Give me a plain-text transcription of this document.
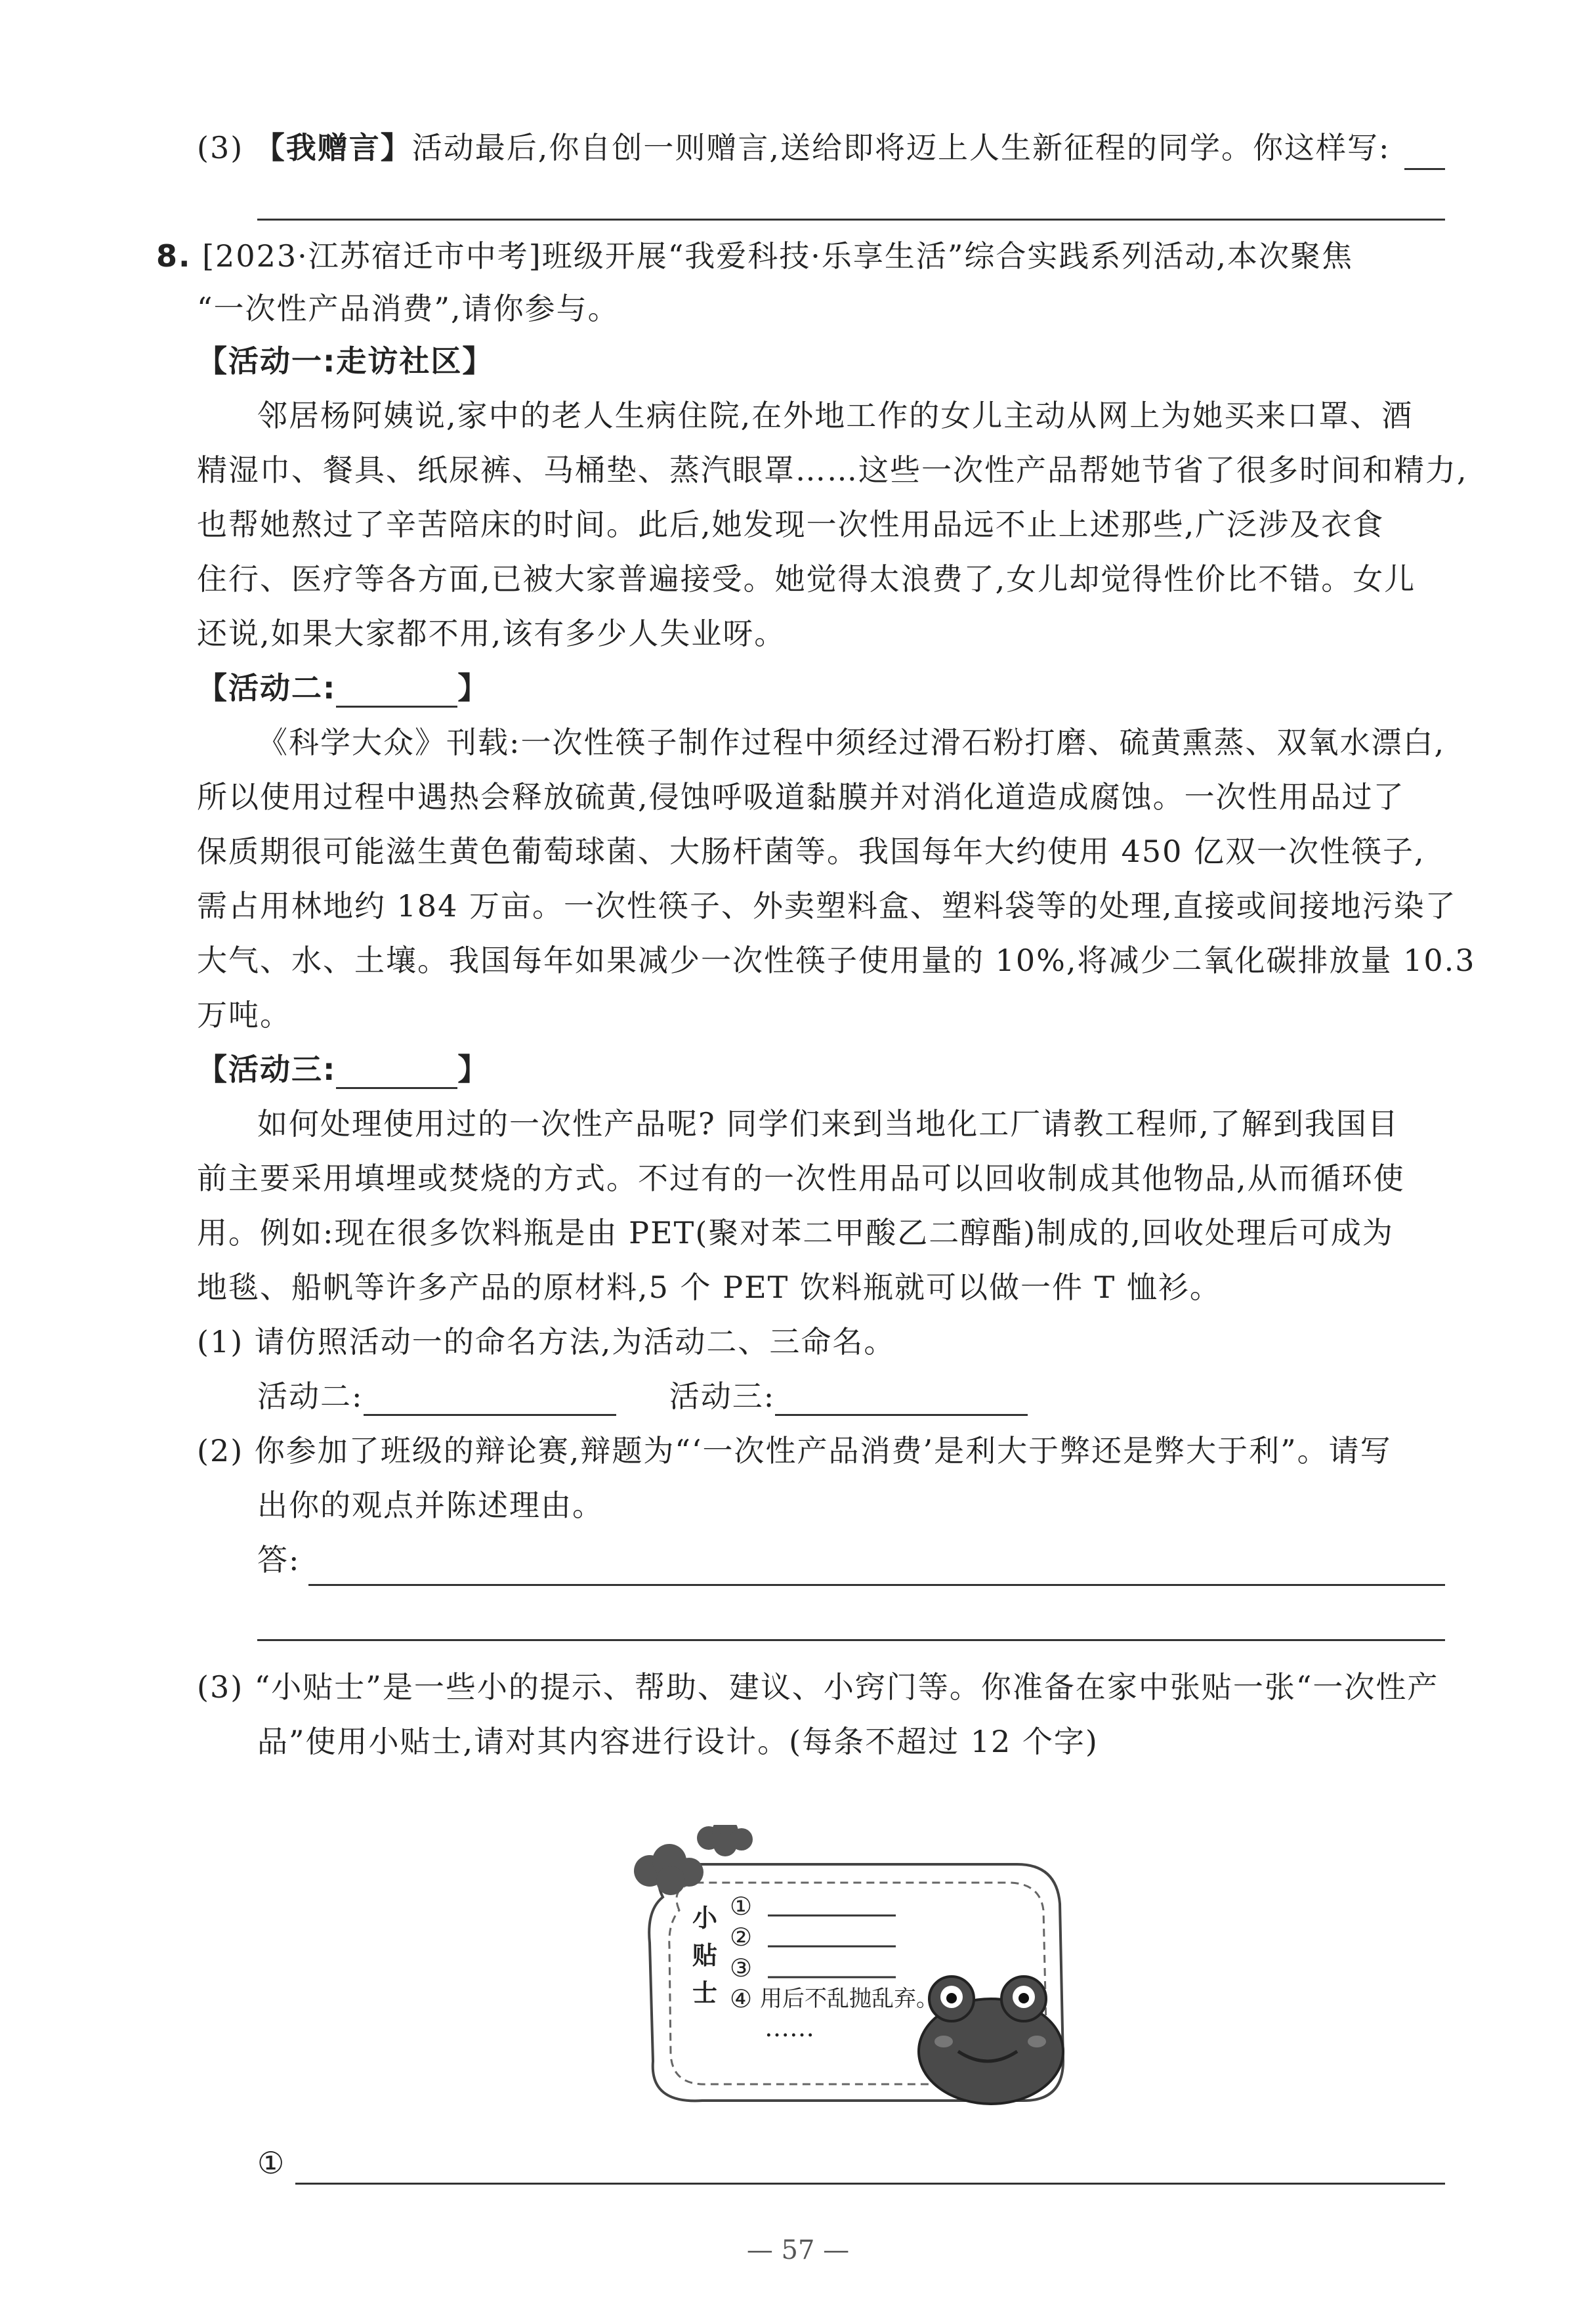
(3) 【我赠言】活动最后,你自创一则赠言,送给即将迈上人生新征程的同学。你这样写:
8. [2023·江苏宿迁市中考]班级开展“我爱科技·乐享生活”综合实践系列活动,本次聚焦
“一次性产品消费”,请你参与。
【活动一:走访社区】
邻居杨阿姨说,家中的老人生病住院,在外地工作的女儿主动从网上为她买来口罩、酒
精湿巾、餐具、纸尿裤、马桶垫、蒸汽眼罩……这些一次性产品帮她节省了很多时间和精力,
也帮她熬过了辛苦陪床的时间。此后,她发现一次性用品远不止上述那些,广泛涉及衣食
住行、医疗等各方面,已被大家普遍接受。她觉得太浪费了,女儿却觉得性价比不错。女儿
还说,如果大家都不用,该有多少人失业呀。
【活动二:	】
《科学大众》刊载:一次性筷子制作过程中须经过滑石粉打磨、硫黄熏蒸、双氧水漂白,
所以使用过程中遇热会释放硫黄,侵蚀呼吸道黏膜并对消化道造成腐蚀。一次性用品过了
保质期很可能滋生黄色葡萄球菌、大肠杆菌等。我国每年大约使用 450 亿双一次性筷子,
需占用林地约 184 万亩。一次性筷子、外卖塑料盒、塑料袋等的处理,直接或间接地污染了
大气、水、土壤。我国每年如果减少一次性筷子使用量的 10%,将减少二氧化碳排放量 10.3
万吨。
【活动三:	】
如何处理使用过的一次性产品呢? 同学们来到当地化工厂请教工程师,了解到我国目
前主要采用填埋或焚烧的方式。不过有的一次性用品可以回收制成其他物品,从而循环使
用。例如:现在很多饮料瓶是由 PET(聚对苯二甲酸乙二醇酯)制成的,回收处理后可成为
地毯、船帆等许多产品的原材料,5 个 PET 饮料瓶就可以做一件 T 恤衫。
(1) 请仿照活动一的命名方法,为活动二、三命名。
活动二:	活动三:
(2) 你参加了班级的辩论赛,辩题为“‘一次性产品消费’是利大于弊还是弊大于利”。请写
出你的观点并陈述理由。
答:
(3) “小贴士”是一些小的提示、帮助、建议、小窍门等。你准备在家中张贴一张“一次性产
品”使用小贴士,请对其内容进行设计。(每条不超过 12 个字)
小
贴
士
①
②
③
④ 用后不乱抛乱弃。
……
①
— 57 —
